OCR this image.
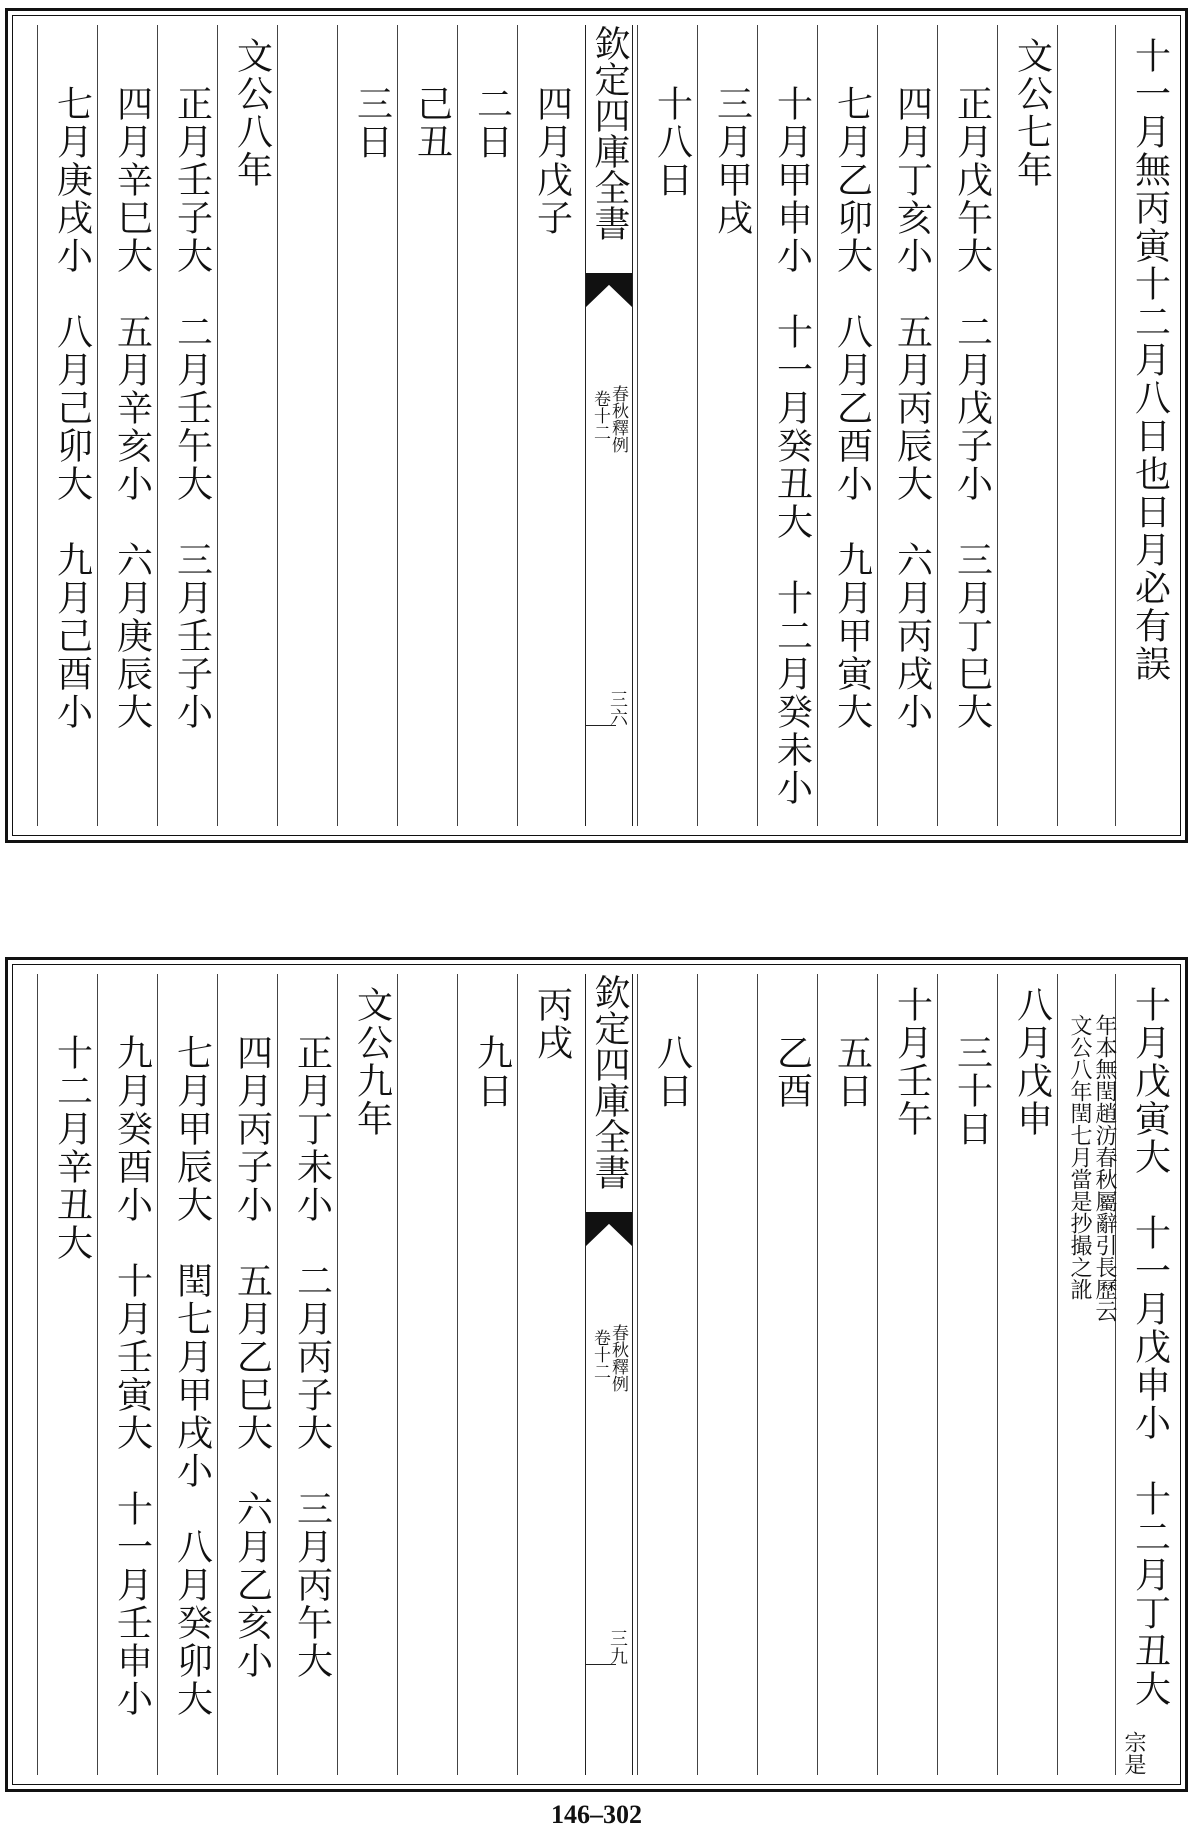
十一月無丙寅十二月八日也日月必有誤
文公七年
正月戊午大　二月戊子小　三月丁巳大
四月丁亥小　五月丙辰大　六月丙戌小
七月乙卯大　八月乙酉小　九月甲寅大
十月甲申小　十一月癸丑大　十二月癸未小
三月甲戌
十八日
欽定四庫全書
春秋釋例
卷十二
三六
四月戊子
二日
己丑
三日
文公八年
正月壬子大　二月壬午大　三月壬子小
四月辛巳大　五月辛亥小　六月庚辰大
七月庚戌小　八月己卯大　九月己酉小
十月戊寅大　十一月戊申小　十二月丁丑大
宗是
年本無閏趙汸春秋屬辭引長歷云
文公八年閏七月當是抄撮之訛
八月戊申
三十日
十月壬午
五日
乙酉
八日
欽定四庫全書
春秋釋例
卷十二
三九
丙戌
九日
文公九年
正月丁未小　二月丙子大　三月丙午大
四月丙子小　五月乙巳大　六月乙亥小
七月甲辰大　閏七月甲戌小　八月癸卯大
九月癸酉小　十月壬寅大　十一月壬申小
十二月辛丑大
146–302
